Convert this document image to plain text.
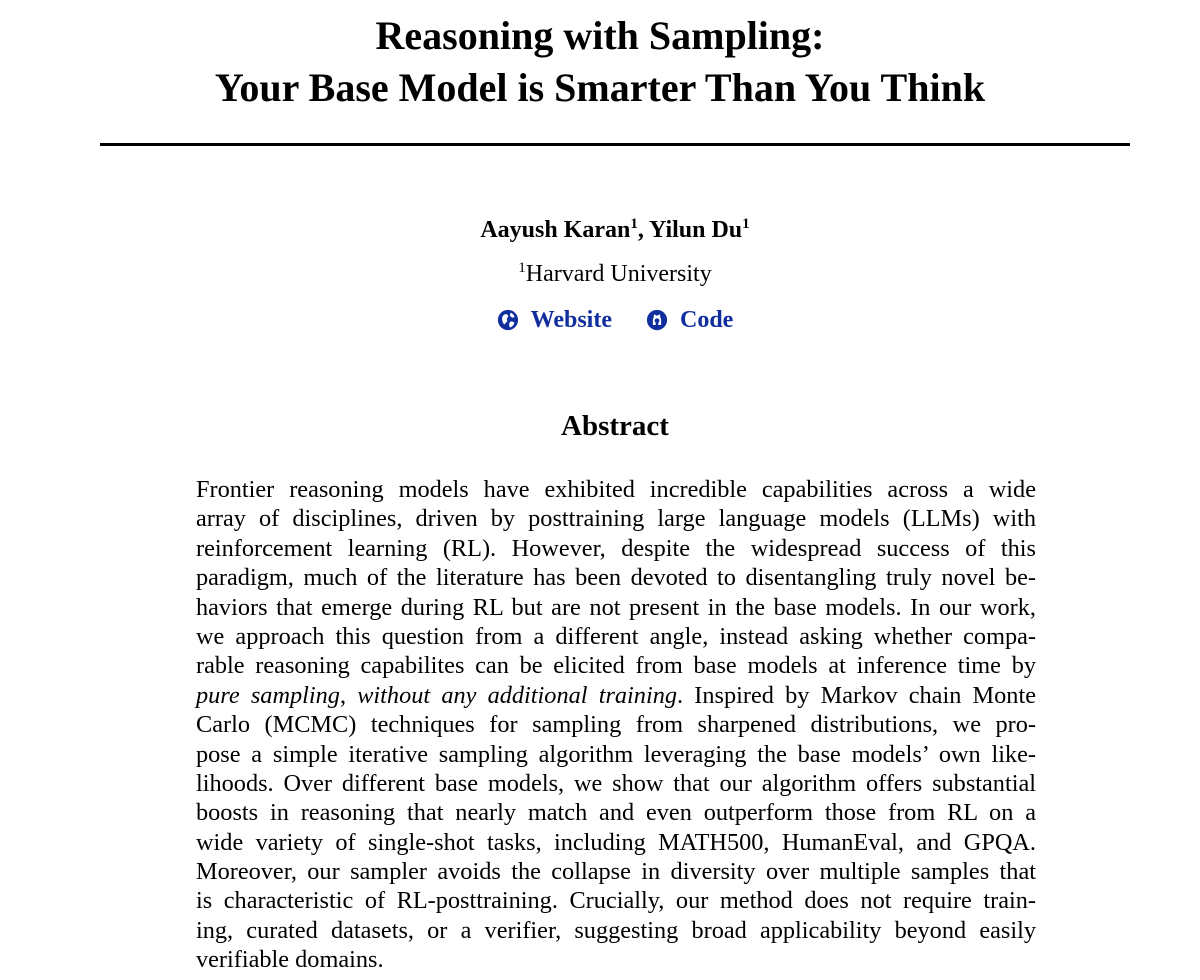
Reasoning with Sampling:
Your Base Model is Smarter Than You Think
Aayush Karan$^1$, Yilun Du$^1$
$^1$Harvard University
Website
	Code
Abstract
Frontier reasoning models have exhibited incredible capabilities across a wide
array of disciplines, driven by posttraining large language models (LLMs) with
reinforcement learning (RL). However, despite the widespread success of this
paradigm, much of the literature has been devoted to disentangling truly novel be-
haviors that emerge during RL but are not present in the base models. In our work,
we approach this question from a different angle, instead asking whether compa-
rable reasoning capabilites can be elicited from base models at inference time by
pure sampling, without any additional training. Inspired by Markov chain Monte
Carlo (MCMC) techniques for sampling from sharpened distributions, we pro-
pose a simple iterative sampling algorithm leveraging the base models’ own like-
lihoods. Over different base models, we show that our algorithm offers substantial
boosts in reasoning that nearly match and even outperform those from RL on a
wide variety of single-shot tasks, including MATH500, HumanEval, and GPQA.
Moreover, our sampler avoids the collapse in diversity over multiple samples that
is characteristic of RL-posttraining. Crucially, our method does not require train-
ing, curated datasets, or a verifier, suggesting broad applicability beyond easily
verifiable domains.
